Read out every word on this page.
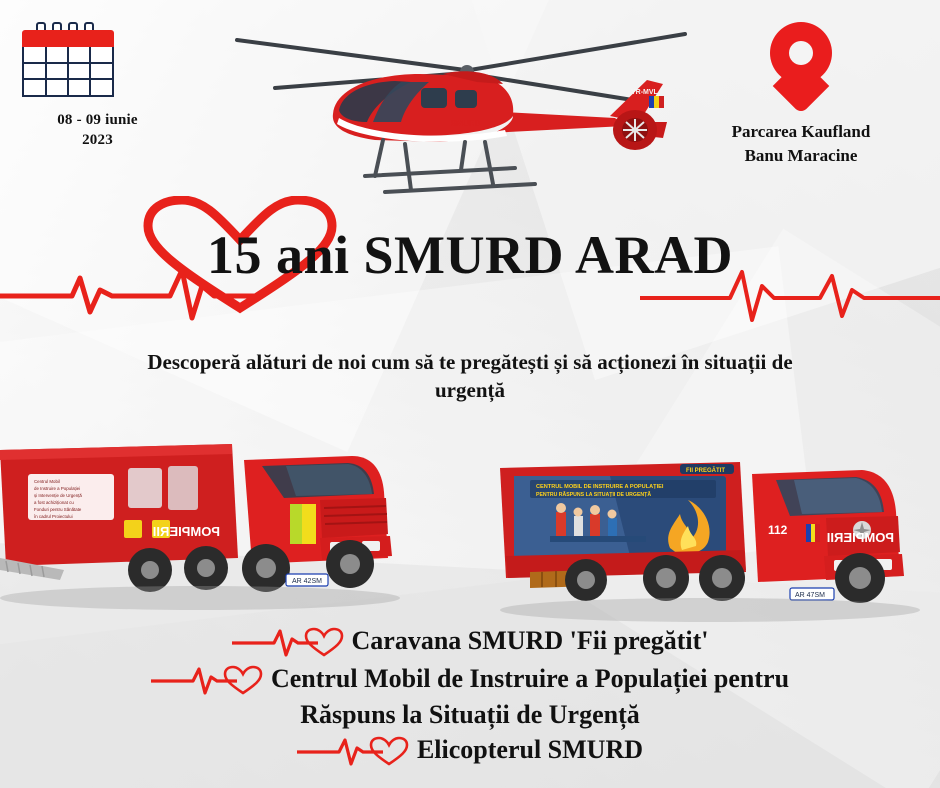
08 - 09 iunie
2023	Parcarea Kaufland
Banu Maracine
SMURD
ROMANIA
YR-MVL
15 ani SMURD ARAD
Descoperă alături de noi cum să te pregătești și să acționezi în situații de urgență
Centrul Mobil
de Instruire a Populației
și Intervenție de Urgență
a fost achiziționat cu
Fonduri pentru Sănătate
în cadrul Proiectului
POMPIERII
AR 42SM
CENTRUL MOBIL DE INSTRUIRE A POPULAȚIEI
PENTRU RĂSPUNS LA SITUAȚII DE URGENȚĂ
FII PREGĂTIT
POMPIERII
112
AR 47SM
Caravana SMURD 'Fii pregătit'
Centrul Mobil de Instruire a Populației pentru
Răspuns la Situații de Urgență
Elicopterul SMURD
